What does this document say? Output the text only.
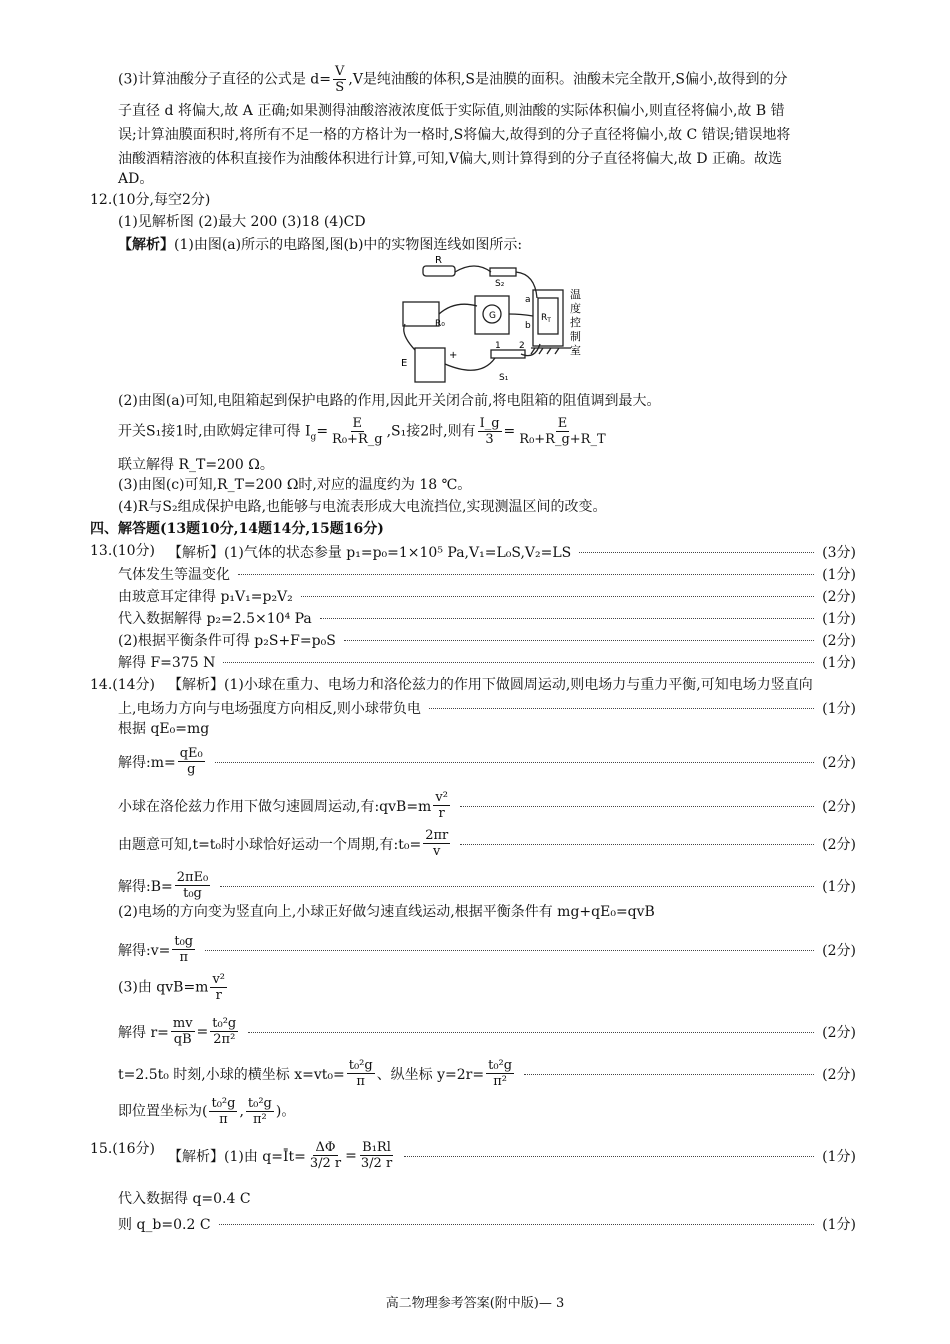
(3)计算油酸分子直径的公式是 $d= \frac{V}{S} ,V$是纯油酸的体积,S是油膜的面积。油酸未完全散开,S偏小,故得到的分
子直径 d 将偏大,故 A 正确;如果测得油酸溶液浓度低于实际值,则油酸的实际体积偏小,则直径将偏小,故 B 错
误;计算油膜面积时,将所有不足一格的方格计为一格时,S将偏大,故得到的分子直径将偏小,故 C 错误;错误地将
油酸酒精溶液的体积直接作为油酸体积进行计算,可知,V偏大,则计算得到的分子直径将偏大,故 D 正确。故选
AD。
12.(10分,每空2分)
(1)见解析图 (2)最大 200 (3)18 (4)CD
【解析】(1)由图(a)所示的电路图,图(b)中的实物图连线如图所示:
R
S₂
a
b
$R_T$
G
R₀
E
+
1 2
S₁
温
度
控
制
室
(2)由图(a)可知,电阻箱起到保护电路的作用,因此开关闭合前,将电阻箱的阻值调到最大。
开关S₁接1时,由欧姆定律可得 $I_g= \frac{E}{\text{R₀+R\_g}} ,S_1$接2时,则有 $\frac{I\_g}{3} = \frac{E}{\text{R₀+R\_g+R\_T}}$
联立解得 R_T=200 Ω。
(3)由图(c)可知,R_T=200 Ω时,对应的温度约为 18 ℃。
(4)R与S₂组成保护电路,也能够与电流表形成大电流挡位,实现测温区间的改变。
四、解答题(13题10分,14题14分,15题16分)
13.(10分) 【解析】(1)气体的状态参量 p₁=p₀=1×10⁵ Pa,V₁=L₀S,V₂=LS	(3分)
气体发生等温变化	(1分)
由玻意耳定律得 p₁V₁=p₂V₂	(2分)
代入数据解得 p₂=2.5×10⁴ Pa	(1分)
(2)根据平衡条件可得 p₂S+F=p₀S	(2分)
解得 F=375 N	(1分)
14.(14分) 【解析】(1)小球在重力、电场力和洛伦兹力的作用下做圆周运动,则电场力与重力平衡,可知电场力竖直向
上,电场力方向与电场强度方向相反,则小球带负电	(1分)
根据 qE₀=mg
解得:m= $\frac{\text{qE₀}}{g}$	(2分)
小球在洛伦兹力作用下做匀速圆周运动,有:qvB=m $\frac{\text{v²}}{r}$	(2分)
由题意可知,t=t₀时小球恰好运动一个周期,有:t₀= $\frac{2\pi r}{v}$	(2分)
解得:B= $\frac{\text{2πE₀}}{\text{t₀g}}$	(1分)
(2)电场的方向变为竖直向上,小球正好做匀速直线运动,根据平衡条件有 mg+qE₀=qvB
解得:v= $\frac{\text{t₀g}}{\pi}$	(2分)
(3)由 $qvB=m \frac{\text{v²}}{r}$
解得 $r= \frac{mv}{qB} = \frac{\text{t₀²g}}{\text{2π²}}$	(2分)
t=2.5t₀ 时刻,小球的横坐标 $x=vt_0= \frac{\text{t₀²g}}{\pi}$ 、纵坐标 $y=2r= \frac{\text{t₀²g}}{\text{π²}}$	(2分)
即位置坐标为( $\frac{\text{t₀²g}}{\pi}$ , $\frac{\text{t₀²g}}{\text{π²}}$ )。
15.(16分) 【解析】(1)由 q=Īt= $\frac{\Delta\Phi}{3/2 r} = \frac{\text{B₁Rl}}{3/2 r}$	(1分)
代入数据得 q=0.4 C
则 q_b=0.2 C	(1分)
高二物理参考答案(附中版)— 3
